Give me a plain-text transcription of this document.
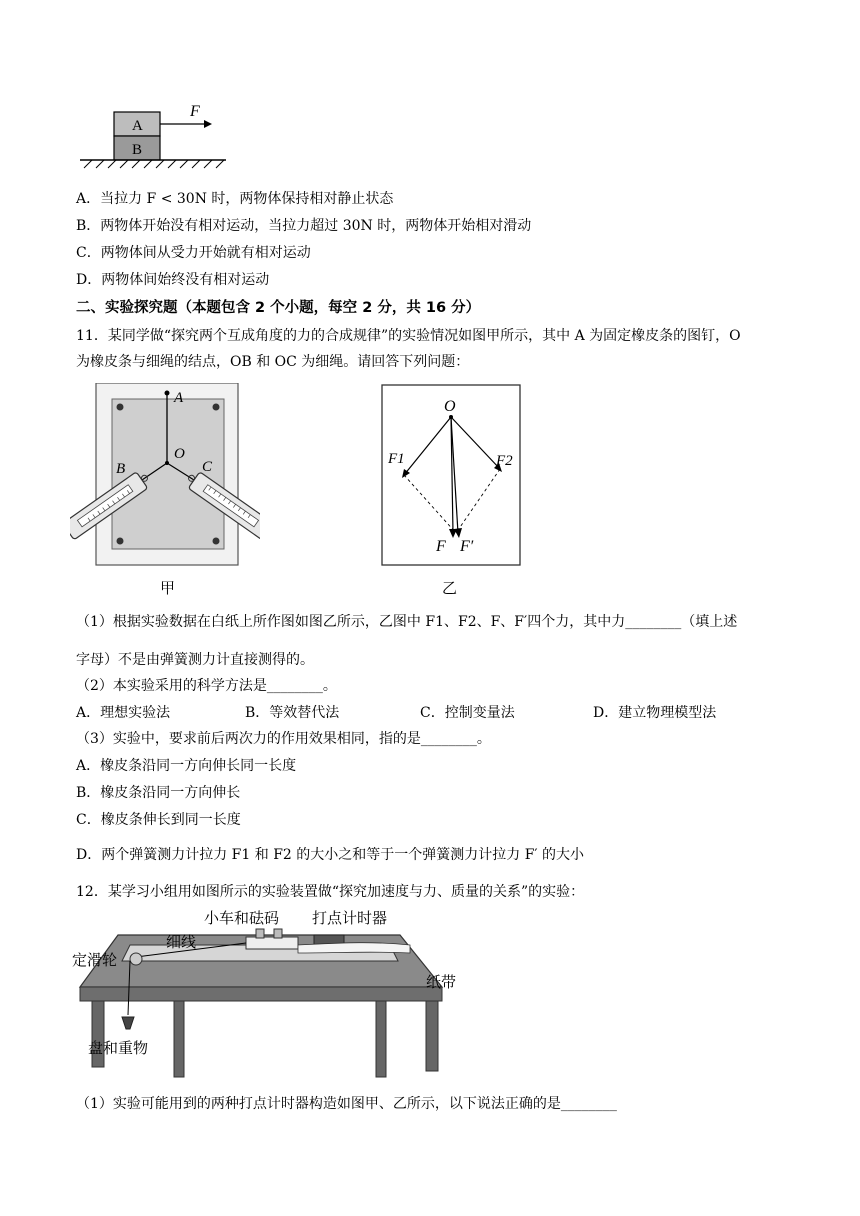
A
B
F
A．当拉力 F < 30N 时，两物体保持相对静止状态
B．两物体开始没有相对运动，当拉力超过 30N 时，两物体开始相对滑动
C．两物体间从受力开始就有相对运动
D．两物体间始终没有相对运动
二、实验探究题（本题包含 2 个小题，每空 2 分，共 16 分）
11．某同学做“探究两个互成角度的力的合成规律”的实验情况如图甲所示，其中 A 为固定橡皮条的图钉，O
为橡皮条与细绳的结点，OB 和 OC 为细绳。请回答下列问题：
A
O
B	C
甲
O
F1	F2
F F′
乙
（1）根据实验数据在白纸上所作图如图乙所示，乙图中 F1、F2、F、F′四个力，其中力________（填上述
字母）不是由弹簧测力计直接测得的。
（2）本实验采用的科学方法是________。
A．理想实验法	B．等效替代法	C．控制变量法	D．建立物理模型法
（3）实验中，要求前后两次力的作用效果相同，指的是________。
A．橡皮条沿同一方向伸长同一长度
B．橡皮条沿同一方向伸长
C．橡皮条伸长到同一长度
D．两个弹簧测力计拉力 F1 和 F2 的大小之和等于一个弹簧测力计拉力 F′ 的大小
12．某学习小组用如图所示的实验装置做“探究加速度与力、质量的关系”的实验：
小车和砝码 打点计时器
细线
定滑轮
纸带
盘和重物
（1）实验可能用到的两种打点计时器构造如图甲、乙所示，以下说法正确的是________
